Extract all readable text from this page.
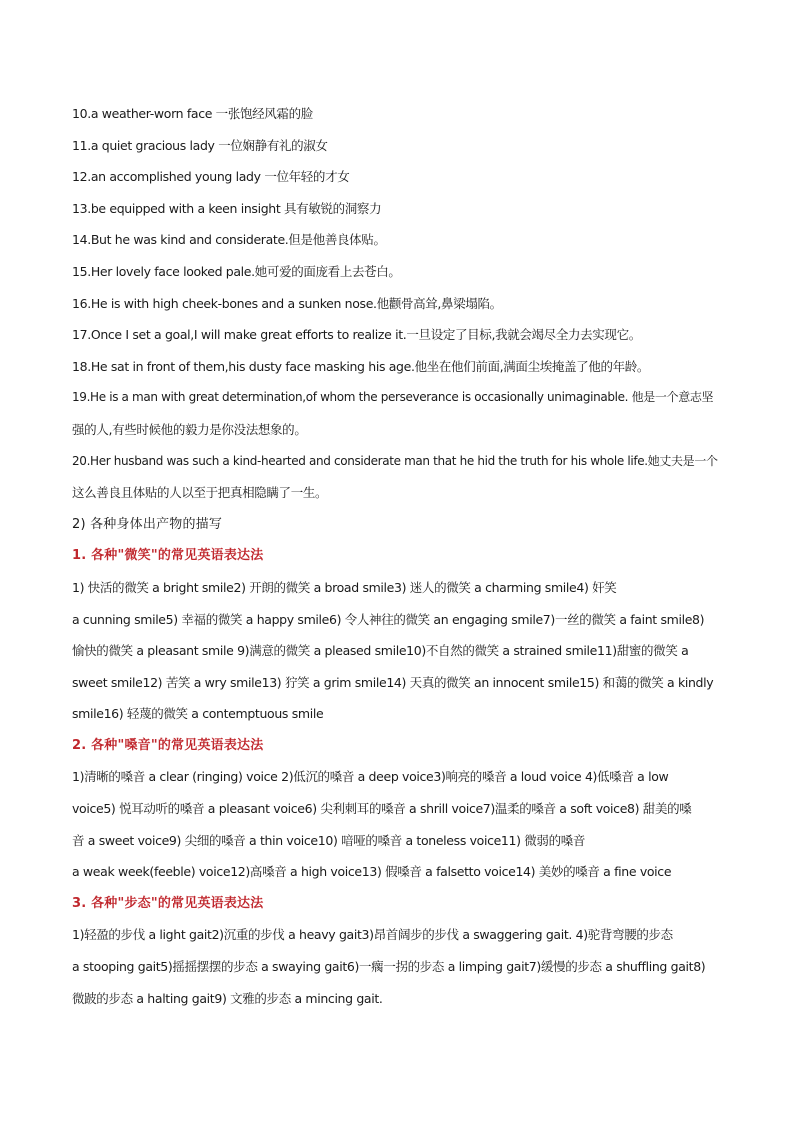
10.a weather-worn face 一张饱经风霜的脸
11.a quiet gracious lady 一位娴静有礼的淑女
12.an accomplished young lady 一位年轻的才女
13.be equipped with a keen insight 具有敏锐的洞察力
14.But he was kind and considerate.但是他善良体贴。
15.Her lovely face looked pale.她可爱的面庞看上去苍白。
16.He is with high cheek-bones and a sunken nose.他颧骨高耸,鼻梁塌陷。
17.Once I set a goal,I will make great efforts to realize it.一旦设定了目标,我就会竭尽全力去实现它。
18.He sat in front of them,his dusty face masking his age.他坐在他们前面,满面尘埃掩盖了他的年龄。
19.He is a man with great determination,of whom the perseverance is occasionally unimaginable. 他是一个意志坚
强的人,有些时候他的毅力是你没法想象的。
20.Her husband was such a kind-hearted and considerate man that he hid the truth for his whole life.她丈夫是一个
这么善良且体贴的人以至于把真相隐瞒了一生。
2) 各种身体出产物的描写
1. 各种"微笑"的常见英语表达法
1) 快活的微笑 a bright smile2) 开朗的微笑 a broad smile3) 迷人的微笑 a charming smile4) 奸笑
a cunning smile5) 幸福的微笑 a happy smile6) 令人神往的微笑 an engaging smile7)一丝的微笑 a faint smile8)
愉快的微笑 a pleasant smile 9)满意的微笑 a pleased smile10)不自然的微笑 a strained smile11)甜蜜的微笑 a
sweet smile12) 苦笑 a wry smile13) 狞笑 a grim smile14) 天真的微笑 an innocent smile15) 和蔼的微笑 a kindly
smile16) 轻蔑的微笑 a contemptuous smile
2. 各种"嗓音"的常见英语表达法
1)清晰的嗓音 a clear (ringing) voice 2)低沉的嗓音 a deep voice3)响亮的嗓音 a loud voice 4)低嗓音 a low
voice5) 悦耳动听的嗓音 a pleasant voice6) 尖利刺耳的嗓音 a shrill voice7)温柔的嗓音 a soft voice8) 甜美的嗓
音 a sweet voice9) 尖细的嗓音 a thin voice10) 喑哑的嗓音 a toneless voice11) 微弱的嗓音
a weak week(feeble) voice12)高嗓音 a high voice13) 假嗓音 a falsetto voice14) 美妙的嗓音 a fine voice
3. 各种"步态"的常见英语表达法
1)轻盈的步伐 a light gait2)沉重的步伐 a heavy gait3)昂首阔步的步伐 a swaggering gait. 4)驼背弯腰的步态
a stooping gait5)摇摇摆摆的步态 a swaying gait6)一瘸一拐的步态 a limping gait7)缓慢的步态 a shuffling gait8)
微跛的步态 a halting gait9) 文雅的步态 a mincing gait.
